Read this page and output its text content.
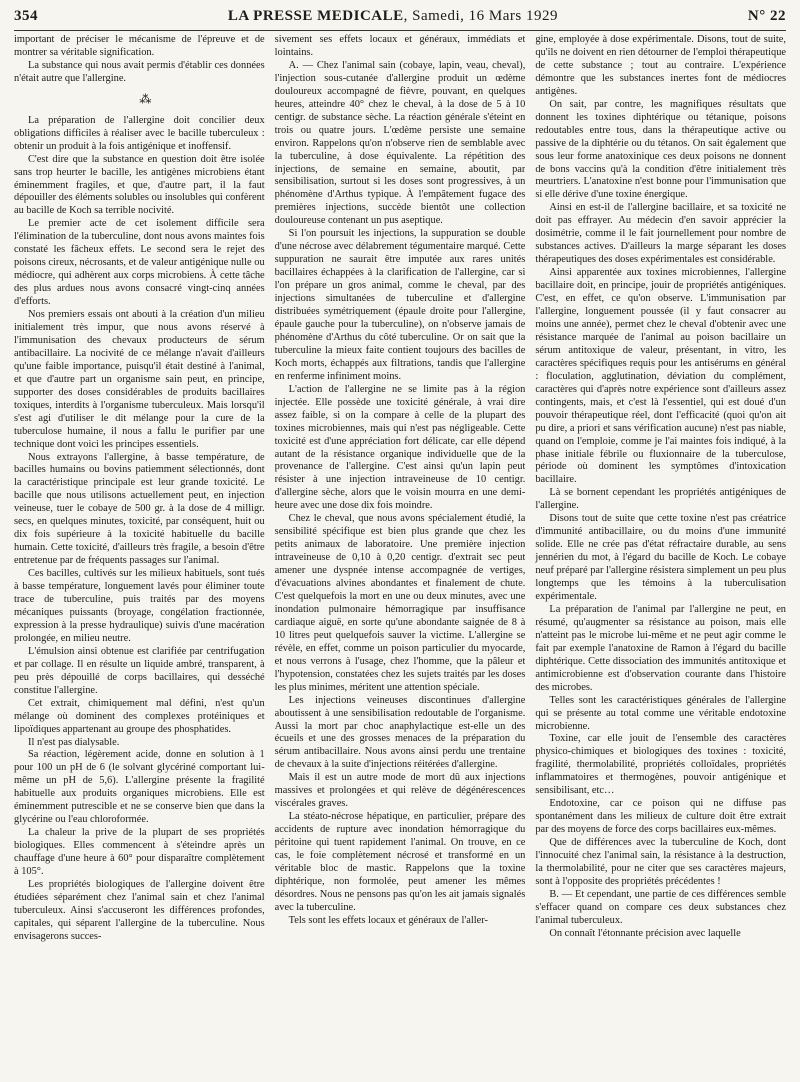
354	LA PRESSE MEDICALE, Samedi, 16 Mars 1929	N° 22

important de préciser le mécanisme de l'épreuve et de montrer sa véritable signification.

La substance qui nous avait permis d'établir ces données n'était autre que l'allergine.

⁂

La préparation de l'allergine doit concilier deux obligations difficiles à réaliser avec le bacille tuberculeux : obtenir un produit à la fois antigénique et inoffensif.

C'est dire que la substance en question doit être isolée sans trop heurter le bacille, les antigènes microbiens étant éminemment fragiles, et que, d'autre part, il la faut dépouiller des éléments solubles ou insolubles qui confèrent au bacille de Koch sa terrible nocivité.

Le premier acte de cet isolement difficile sera l'élimination de la tuberculine, dont nous avons maintes fois constaté les fâcheux effets. Le second sera le rejet des poisons cireux, nécrosants, et de valeur antigénique nulle ou médiocre, qui adhèrent aux corps microbiens. À cette tâche des plus ardues nous avons consacré vingt-cinq années d'efforts.

Nos premiers essais ont abouti à la création d'un milieu initialement très impur, que nous avons réservé à l'immunisation des chevaux producteurs de sérum antibacillaire. La nocivité de ce mélange n'avait d'ailleurs qu'une faible importance, puisqu'il était destiné à l'animal, et que d'autre part un organisme sain peut, en principe, supporter des doses considérables de produits bacillaires toxiques, interdits à l'organisme tuberculeux. Mais lorsqu'il s'est agi d'utiliser le dit mélange pour la cure de la tuberculose humaine, il nous a fallu le purifier par une technique dont voici les principes essentiels.

Nous extrayons l'allergine, à basse température, de bacilles humains ou bovins patiemment sélectionnés, dont la caractéristique principale est leur grande toxicité. Le bacille que nous utilisons actuellement peut, en injection veineuse, tuer le cobaye de 500 gr. à la dose de 4 milligr. secs, en quelques minutes, toxicité, par conséquent, huit ou dix fois supérieure à la toxicité habituelle du bacille humain. Cette toxicité, d'ailleurs très fragile, a besoin d'être entretenue par de fréquents passages sur l'animal.

Ces bacilles, cultivés sur les milieux habituels, sont tués à basse température, longuement lavés pour éliminer toute trace de tuberculine, puis traités par des moyens mécaniques puissants (broyage, congélation fractionnée, expression à la presse hydraulique) suivis d'une macération prolongée, en milieu neutre.

L'émulsion ainsi obtenue est clarifiée par centrifugation et par collage. Il en résulte un liquide ambré, transparent, à peu près dépouillé de corps bacillaires, qui desséché constitue l'allergine.

Cet extrait, chimiquement mal défini, n'est qu'un mélange où dominent des complexes protéiniques et lipoïdiques appartenant au groupe des phosphatides.

Il n'est pas dialysable.

Sa réaction, légèrement acide, donne en solution à 1 pour 100 un pH de 6 (le solvant glycériné comportant lui-même un pH de 5,6). L'allergine présente la fragilité habituelle aux produits organiques microbiens. Elle est éminemment putrescible et ne se conserve bien que dans la glycérine ou l'eau chloroformée.

La chaleur la prive de la plupart de ses propriétés biologiques. Elles commencent à s'éteindre après un chauffage d'une heure à 60° pour disparaître complètement à 105°.

Les propriétés biologiques de l'allergine doivent être étudiées séparément chez l'animal sain et chez l'animal tuberculeux. Ainsi s'accuseront les différences profondes, capitales, qui séparent l'allergine de la tuberculine. Nous envisagerons succes-

sivement ses effets locaux et généraux, immédiats et lointains.

A. — Chez l'animal sain (cobaye, lapin, veau, cheval), l'injection sous-cutanée d'allergine produit un œdème douloureux accompagné de fièvre, pouvant, en quelques heures, atteindre 40° chez le cheval, à la dose de 5 à 10 centigr. de substance sèche. La réaction générale s'éteint en trois ou quatre jours. L'œdème persiste une semaine environ. Rappelons qu'on n'observe rien de semblable avec la tuberculine, à dose équivalente. La répétition des injections, de semaine en semaine, aboutit, par sensibilisation, surtout si les doses sont progressives, à un phénomène d'Arthus typique. À l'empâtement fugace des premières injections, succède bientôt une collection douloureuse contenant un pus aseptique.

Si l'on poursuit les injections, la suppuration se double d'une nécrose avec délabrement tégumentaire marqué. Cette suppuration ne saurait être imputée aux rares unités bacillaires échappées à la clarification de l'allergine, car si l'on prépare un gros animal, comme le cheval, par des injections simultanées de tuberculine et d'allergine distribuées symétriquement (épaule droite pour l'allergine, épaule gauche pour la tuberculine), on n'observe jamais de phénomène d'Arthus du côté tuberculine. Or on sait que la tuberculine la mieux faite contient toujours des bacilles de Koch morts, échappés aux filtrations, tandis que l'allergine en renferme infiniment moins.

L'action de l'allergine ne se limite pas à la région injectée. Elle possède une toxicité générale, à vrai dire assez faible, si on la compare à celle de la plupart des toxines microbiennes, mais qui n'est pas négligeable. Cette toxicité est d'une appréciation fort délicate, car elle dépend autant de la résistance organique individuelle que de la provenance de l'allergine. C'est ainsi qu'un lapin peut résister à une injection intraveineuse de 10 centigr. d'allergine sèche, alors que le voisin mourra en une demi-heure avec une dose dix fois moindre.

Chez le cheval, que nous avons spécialement étudié, la sensibilité spécifique est bien plus grande que chez les petits animaux de laboratoire. Une première injection intraveineuse de 0,10 à 0,20 centigr. d'extrait sec peut amener une dyspnée intense accompagnée de vertiges, d'évacuations alvines abondantes et finalement de chute. C'est quelquefois la mort en une ou deux minutes, avec une inondation pulmonaire hémorragique par insuffisance cardiaque aiguë, en sorte qu'une abondante saignée de 8 à 10 litres peut quelquefois sauver la victime. L'allergine se révèle, en effet, comme un poison particulier du myocarde, et nous verrons à l'usage, chez l'homme, que la pâleur et l'hypotension, constatées chez les sujets traités par les doses les plus minimes, méritent une attention spéciale.

Les injections veineuses discontinues d'allergine aboutissent à une sensibilisation redoutable de l'organisme. Aussi la mort par choc anaphylactique est-elle un des écueils et une des grosses menaces de la préparation du sérum antibacillaire. Nous avons ainsi perdu une trentaine de chevaux à la suite d'injections réitérées d'allergine.

Mais il est un autre mode de mort dû aux injections massives et prolongées et qui relève de dégénérescences viscérales graves.

La stéato-nécrose hépatique, en particulier, prépare des accidents de rupture avec inondation hémorragique du péritoine qui tuent rapidement l'animal. On trouve, en ce cas, le foie complètement nécrosé et transformé en un véritable bloc de mastic. Rappelons que la toxine diphtérique, non formolée, peut amener les mêmes désordres. Nous ne pensons pas qu'on les ait jamais signalés avec la tuberculine.

Tels sont les effets locaux et généraux de l'aller-

gine, employée à dose expérimentale. Disons, tout de suite, qu'ils ne doivent en rien détourner de l'emploi thérapeutique de cette substance ; tout au contraire. L'expérience démontre que les substances inertes font de médiocres antigènes.

On sait, par contre, les magnifiques résultats que donnent les toxines diphtérique ou tétanique, poisons redoutables entre tous, dans la thérapeutique active ou passive de la diphtérie ou du tétanos. On sait également que sous leur forme anatoxinique ces deux poisons ne donnent de bons vaccins qu'à la condition d'être initialement très meurtriers. L'anatoxine n'est bonne pour l'immunisation que si elle dérive d'une toxine énergique.

Ainsi en est-il de l'allergine bacillaire, et sa toxicité ne doit pas effrayer. Au médecin d'en savoir apprécier la dosimétrie, comme il le fait journellement pour nombre de substances actives. D'ailleurs la marge séparant les doses thérapeutiques des doses expérimentales est considérable.

Ainsi apparentée aux toxines microbiennes, l'allergine bacillaire doit, en principe, jouir de propriétés antigéniques. C'est, en effet, ce qu'on observe. L'immunisation par l'allergine, longuement poussée (il y faut consacrer au moins une année), permet chez le cheval d'obtenir avec une résistance marquée de l'animal au poison bacillaire un sérum antitoxique de valeur, présentant, in vitro, les caractères spécifiques requis pour les antisérums en général : floculation, agglutination, déviation du complément, caractères qui d'après notre expérience sont d'ailleurs assez contingents, mais, et c'est là l'essentiel, qui est doué d'un pouvoir thérapeutique réel, dont l'efficacité (quoi qu'on ait pu dire, a priori et sans vérification aucune) n'est pas niable, quand on l'emploie, comme je l'ai maintes fois indiqué, à la phase initiale fébrile ou fluxionnaire de la tuberculose, période où dominent les symptômes d'intoxication bacillaire.

Là se bornent cependant les propriétés antigéniques de l'allergine.

Disons tout de suite que cette toxine n'est pas créatrice d'immunité antibacillaire, ou du moins d'une immunité solide. Elle ne crée pas d'état réfractaire durable, au sens jennérien du mot, à l'égard du bacille de Koch. Le cobaye neuf préparé par l'allergine résistera simplement un peu plus longtemps que les témoins à la tuberculisation expérimentale.

La préparation de l'animal par l'allergine ne peut, en résumé, qu'augmenter sa résistance au poison, mais elle n'atteint pas le microbe lui-même et ne peut agir comme le fait par exemple l'anatoxine de Ramon à l'égard du bacille diphtérique. Cette dissociation des immunités antitoxique et antimicrobienne est d'observation courante dans l'histoire des microbes.

Telles sont les caractéristiques générales de l'allergine qui se présente au total comme une véritable endotoxine microbienne.

Toxine, car elle jouit de l'ensemble des caractères physico-chimiques et biologiques des toxines : toxicité, fragilité, thermolabilité, propriétés colloïdales, propriétés inflammatoires et thermogènes, pouvoir antigénique et sensibilisant, etc…

Endotoxine, car ce poison qui ne diffuse pas spontanément dans les milieux de culture doit être extrait par des moyens de force des corps bacillaires eux-mêmes.

Que de différences avec la tuberculine de Koch, dont l'innocuité chez l'animal sain, la résistance à la destruction, la thermolabilité, pour ne citer que ses caractères majeurs, sont à l'opposite des propriétés précédentes !

B. — Et cependant, une partie de ces différences semble s'effacer quand on compare ces deux substances chez l'animal tuberculeux.

On connaît l'étonnante précision avec laquelle
